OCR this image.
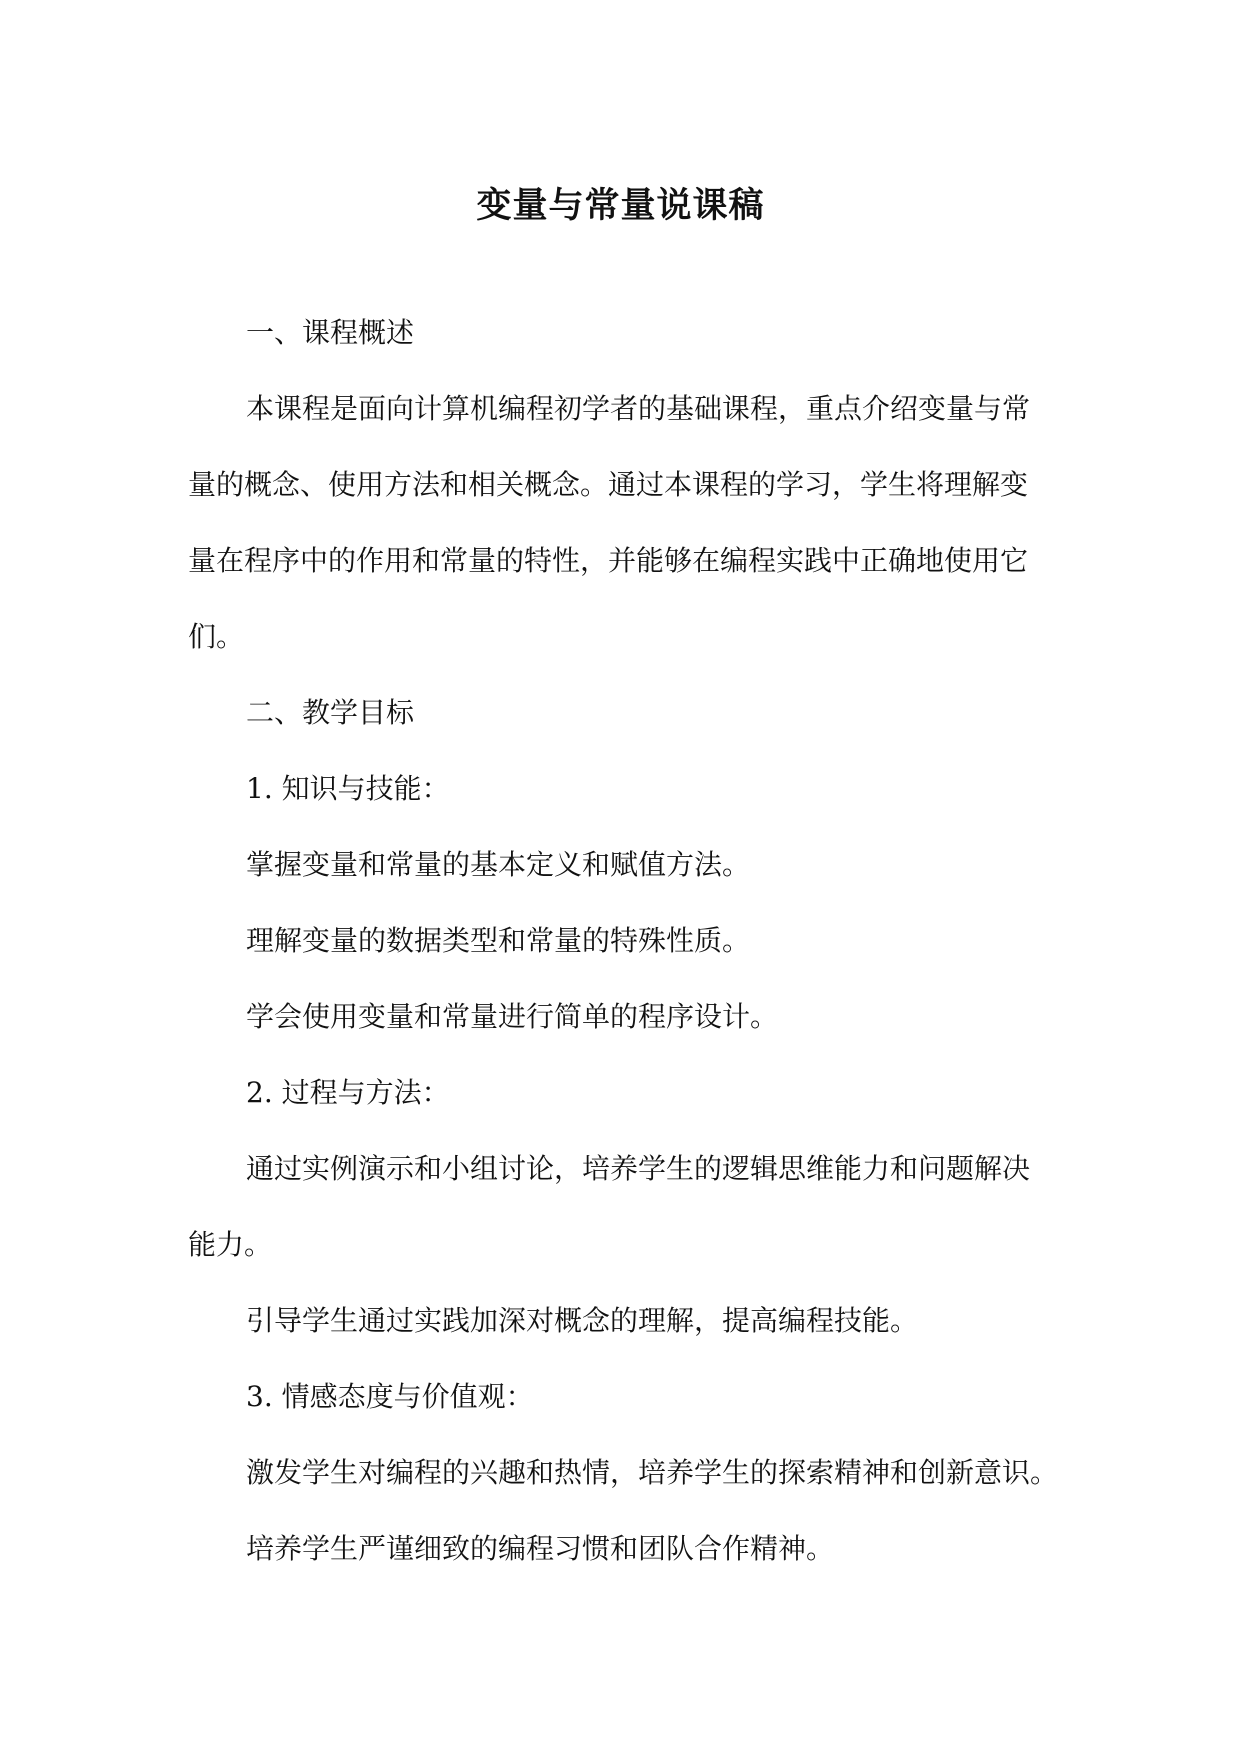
变量与常量说课稿
一、课程概述
本课程是面向计算机编程初学者的基础课程，重点介绍变量与常
量的概念、使用方法和相关概念。通过本课程的学习，学生将理解变
量在程序中的作用和常量的特性，并能够在编程实践中正确地使用它
们。
二、教学目标
1. 知识与技能：
掌握变量和常量的基本定义和赋值方法。
理解变量的数据类型和常量的特殊性质。
学会使用变量和常量进行简单的程序设计。
2. 过程与方法：
通过实例演示和小组讨论，培养学生的逻辑思维能力和问题解决
能力。
引导学生通过实践加深对概念的理解，提高编程技能。
3. 情感态度与价值观：
激发学生对编程的兴趣和热情，培养学生的探索精神和创新意识。
培养学生严谨细致的编程习惯和团队合作精神。
